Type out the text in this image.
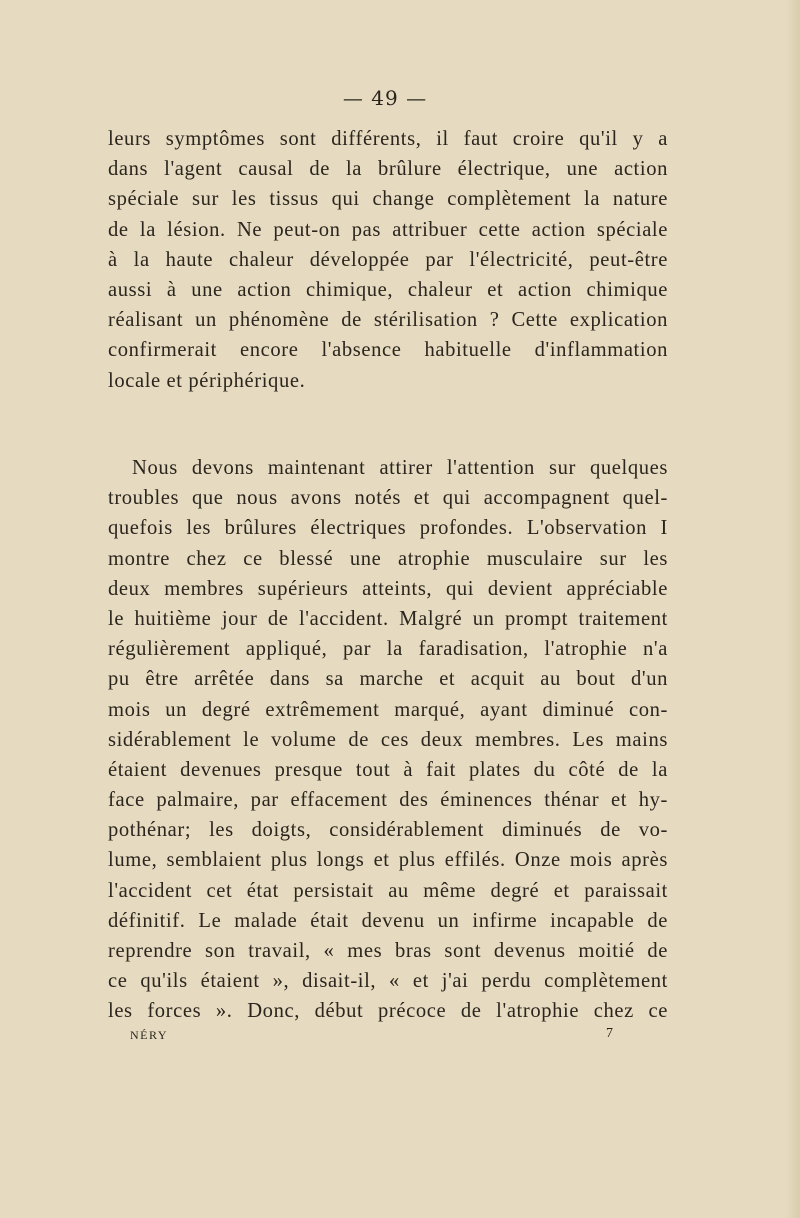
— 49 —
leurs symptômes sont différents, il faut croire qu'il y a
dans l'agent causal de la brûlure électrique, une action
spéciale sur les tissus qui change complètement la nature
de la lésion. Ne peut-on pas attribuer cette action spéciale
à la haute chaleur développée par l'électricité, peut-être
aussi à une action chimique, chaleur et action chimique
réalisant un phénomène de stérilisation ? Cette explication
confirmerait encore l'absence habituelle d'inflammation
locale et périphérique.
Nous devons maintenant attirer l'attention sur quelques
troubles que nous avons notés et qui accompagnent quel-
quefois les brûlures électriques profondes. L'observation I
montre chez ce blessé une atrophie musculaire sur les
deux membres supérieurs atteints, qui devient appréciable
le huitième jour de l'accident. Malgré un prompt traitement
régulièrement appliqué, par la faradisation, l'atrophie n'a
pu être arrêtée dans sa marche et acquit au bout d'un
mois un degré extrêmement marqué, ayant diminué con-
sidérablement le volume de ces deux membres. Les mains
étaient devenues presque tout à fait plates du côté de la
face palmaire, par effacement des éminences thénar et hy-
pothénar; les doigts, considérablement diminués de vo-
lume, semblaient plus longs et plus effilés. Onze mois après
l'accident cet état persistait au même degré et paraissait
définitif. Le malade était devenu un infirme incapable de
reprendre son travail, « mes bras sont devenus moitié de
ce qu'ils étaient », disait-il, « et j'ai perdu complètement
les forces ». Donc, début précoce de l'atrophie chez ce
NÉRY	7
